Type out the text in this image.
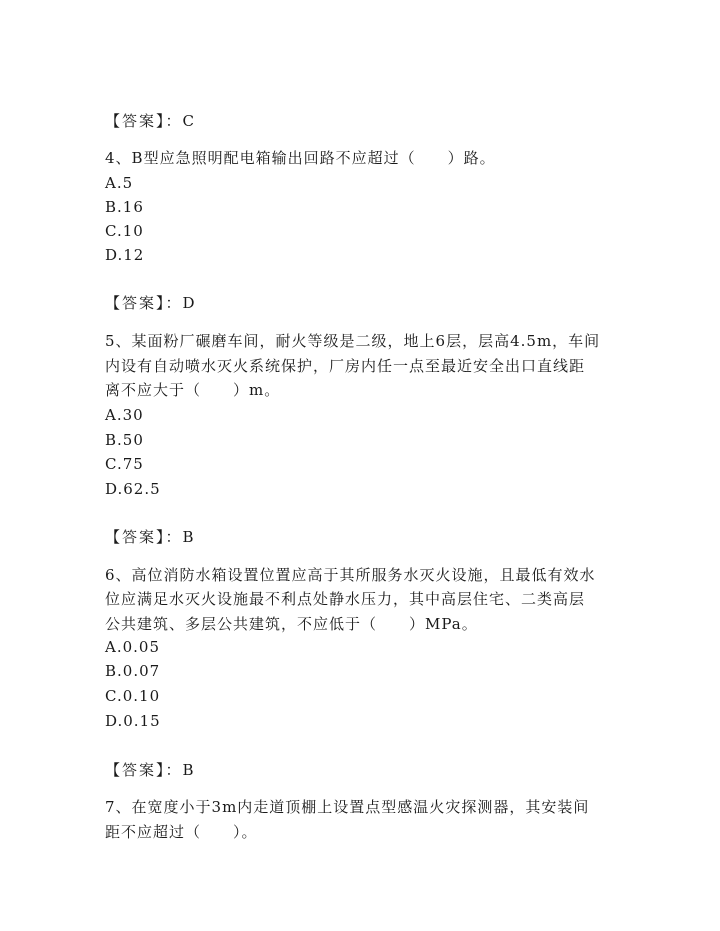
【答案】：C
4、B型应急照明配电箱输出回路不应超过（　　）路。
A.5
B.16
C.10
D.12
【答案】：D
5、某面粉厂碾磨车间，耐火等级是二级，地上6层，层高4.5m，车间
内设有自动喷水灭火系统保护，厂房内任一点至最近安全出口直线距
离不应大于（　　）m。
A.30
B.50
C.75
D.62.5
【答案】：B
6、高位消防水箱设置位置应高于其所服务水灭火设施，且最低有效水
位应满足水灭火设施最不利点处静水压力，其中高层住宅、二类高层
公共建筑、多层公共建筑，不应低于（　　）MPa。
A.0.05
B.0.07
C.0.10
D.0.15
【答案】：B
7、在宽度小于3m内走道顶棚上设置点型感温火灾探测器，其安装间
距不应超过（　　）。
